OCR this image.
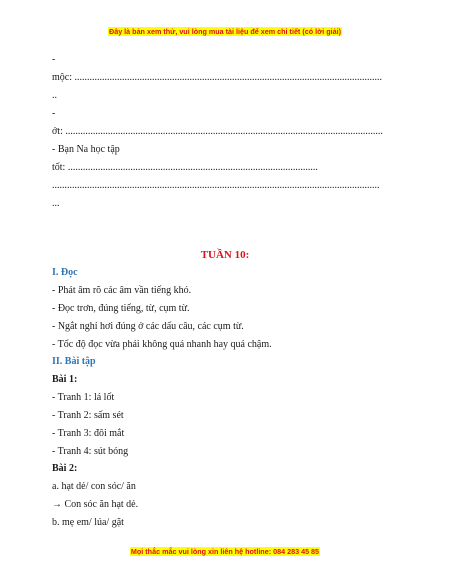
Đây là bản xem thử, vui lòng mua tài liệu để xem chi tiết (có lời giải)
-
mộc: ...........................................................................................................................
..
-
ớt: ...............................................................................................................................
- Bạn Na học tập
tốt: ....................................................................................................
...................................................................................................................................
...
TUẦN 10:
I. Đọc
- Phát âm rõ các âm vần tiếng khó.
- Đọc trơn, đúng tiếng, từ, cụm từ.
- Ngắt nghỉ hơi đúng ở các dấu câu, các cụm từ.
- Tốc độ đọc vừa phải không quá nhanh hay quá chậm.
II. Bài tập
Bài 1:
- Tranh 1: lá lốt
- Tranh 2: sấm sét
- Tranh 3: đôi mắt
- Tranh 4: sút bóng
Bài 2:
a. hạt dẻ/ con sóc/ ăn
→ Con sóc ăn hạt dẻ.
b. mẹ em/ lúa/ gặt
Mọi thắc mắc vui lòng xin liên hệ hotline: 084 283 45 85
